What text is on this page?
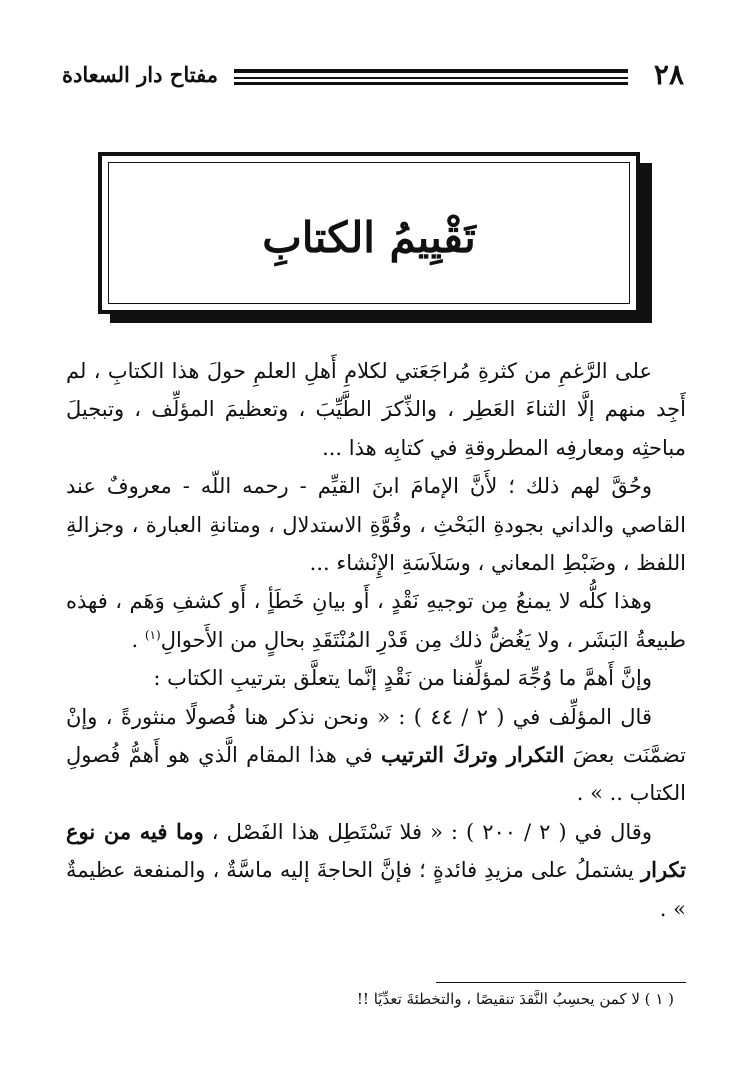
مفتاح دار السعادة	٢٨
تَقْيِيمُ الكتابِ

على الرَّغمِ من كثرةِ مُراجَعَتي لكلامِ أَهلِ العلمِ حولَ هذا الكتابِ ، لم أَجِد منهم إلَّا الثناءَ العَطِر ، والذِّكرَ الطَّيِّبَ ، وتعظيمَ المؤلِّف ، وتبجيلَ مباحثِه ومعارفِه المطروقةِ في كتابِه هذا ...

وحُقَّ لهم ذلك ؛ لأَنَّ الإمامَ ابنَ القيِّم - رحمه اللّه - معروفٌ عند القاصي والداني بجودةِ البَحْثِ ، وقُوَّةِ الاستدلال ، ومتانةِ العبارة ، وجزالةِ اللفظ ، وضَبْطِ المعاني ، وسَلاَسَةِ الإِنْشاء ...

وهذا كلُّه لا يمنعُ مِن توجيهِ نَقْدٍ ، أَو بيانِ خَطَأٍ ، أَو كشفِ وَهَم ، فهذه طبيعةُ البَشَر ، ولا يَغُضُّ ذلك مِن قَدْرِ المُنْتَقَدِ بحالٍ من الأَحوالِ$^{(١)}$ .

وإنَّ أَهمَّ ما وُجِّهَ لمؤلِّفنا من نَقْدٍ إنَّما يتعلَّق بترتيبِ الكتاب :

قال المؤلِّف في ( ٢ / ٤٤ ) : « ونحن نذكر هنا فُصولًا منثورةً ، وإنْ تضمَّنَت بعضَ التكرار وتركَ الترتيب في هذا المقام الَّذي هو أَهمُّ فُصولِ الكتاب .. » .

وقال في ( ٢ / ٢٠٠ ) : « فلا تَسْتَطِل هذا الفَصْل ، وما فيه من نوع تكرار يشتملُ على مزيدِ فائدةٍ ؛ فإنَّ الحاجةَ إليه ماسَّةٌ ، والمنفعة عظيمةٌ » .

( ١ ) لا كمن يحسِبُ النَّقدَ تنقيصًا ، والتخطئةَ تعدِّيًا !!
